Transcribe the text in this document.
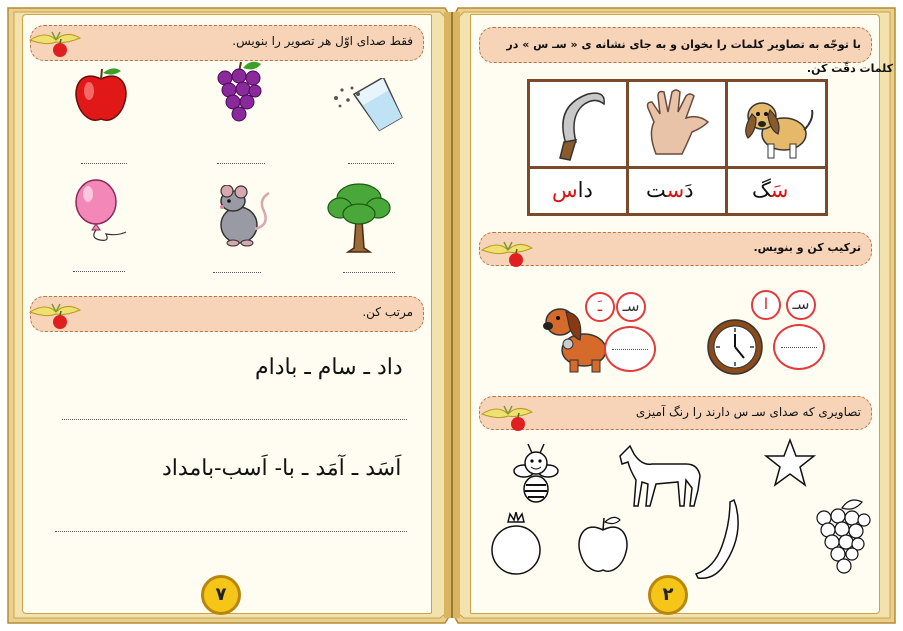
فقط صدای اوّل هر تصویر را بنویس.
مرتب کن.
داد ـ سام ـ بادام
اَسَد ـ آمَد ـ با- اَسب-بامداد
۷
با توجّه به تصاویر کلمات را بخوان و به جای نشانه ی « سـ س » در
کلمات دقّت کن.
داس	دَست	سَگ
ترکیب کن و بنویس.
ـَ	سـ	ا	سـ
تصاویری که صدای سـ س دارند را رنگ آمیزی
۲
